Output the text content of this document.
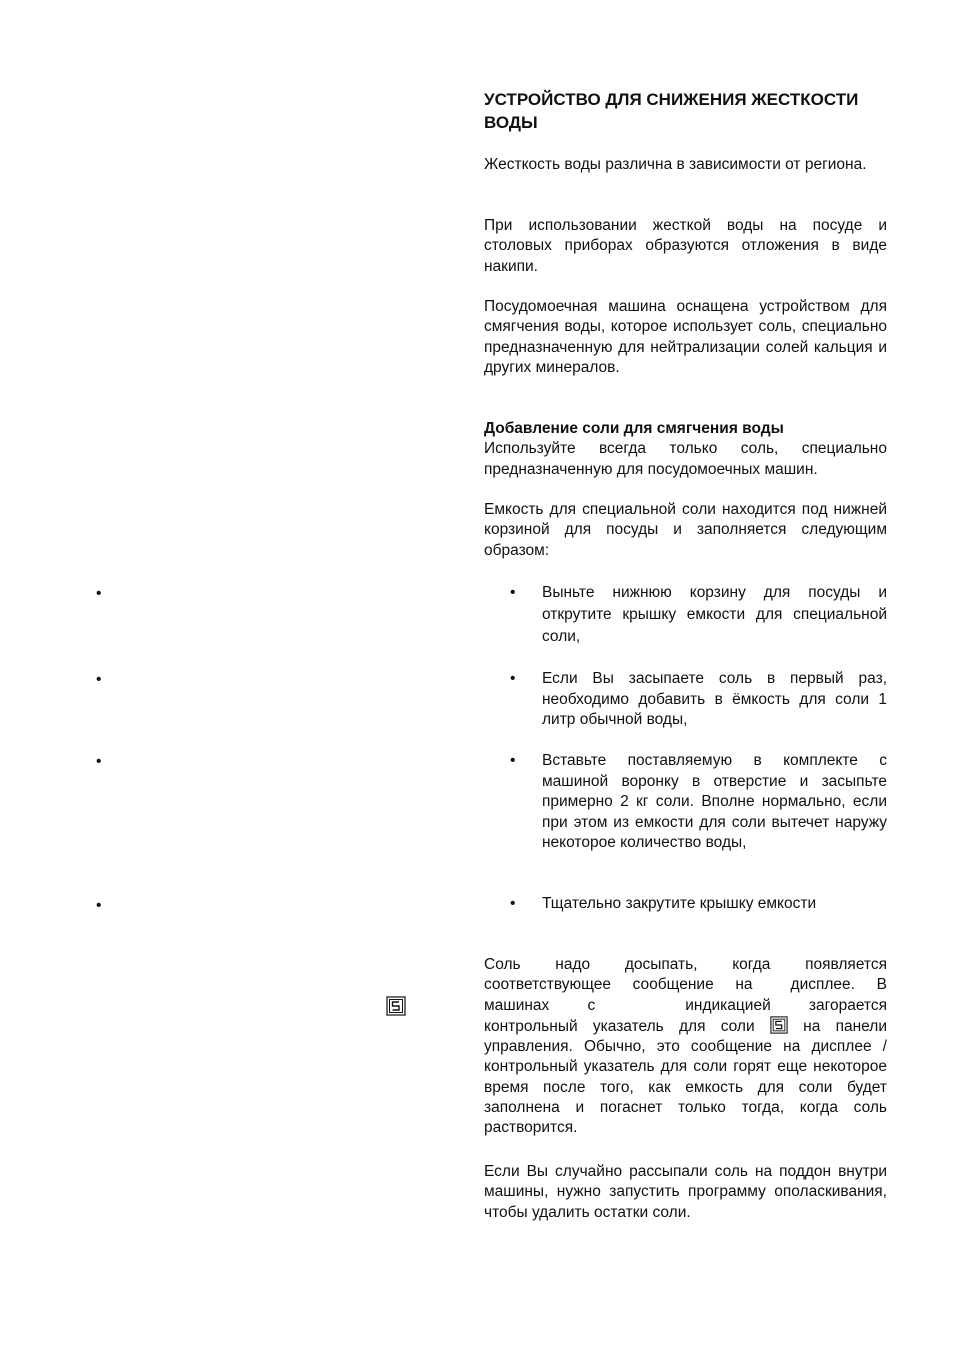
УСТРОЙСТВО ДЛЯ СНИЖЕНИЯ ЖЕСТКОСТИ ВОДЫ

Жесткость воды различна в зависимости от региона.

При использовании жесткой воды на посуде и столовых приборах образуются отложения в виде накипи.

Посудомоечная машина оснащена устройством для смягчения воды, которое использует соль, специально предназначенную для нейтрализации солей кальция и других минералов.

Добавление соли для смягчения воды

Используйте всегда только соль, специально предназначенную для посудомоечных машин.

Емкость для специальной соли находится под нижней корзиной для посуды и заполняется следующим образом:

• Выньте нижнюю корзину для посуды и открутите крышку емкости для специальной соли,
• Если Вы засыпаете соль в первый раз, необходимо добавить в ёмкость для соли 1 литр обычной воды,
• Вставьте поставляемую в комплекте с машиной воронку в отверстие и засыпьте примерно 2 кг соли. Вполне нормально, если при этом из емкости для соли вытечет наружу некоторое количество воды,
• Тщательно закрутите крышку емкости
•
•
•
•

Соль надо досыпать, когда появляется соответствующее сообщение на дисплее. В машинах с	индикацией загорается контрольный указатель для соли	на панели управления. Обычно, это сообщение на дисплее / контрольный указатель для соли горят еще некоторое время после того, как емкость для соли будет заполнена и погаснет только тогда, когда соль растворится.

Если Вы случайно рассыпали соль на поддон внутри машины, нужно запустить программу ополаскивания, чтобы удалить остатки соли.
